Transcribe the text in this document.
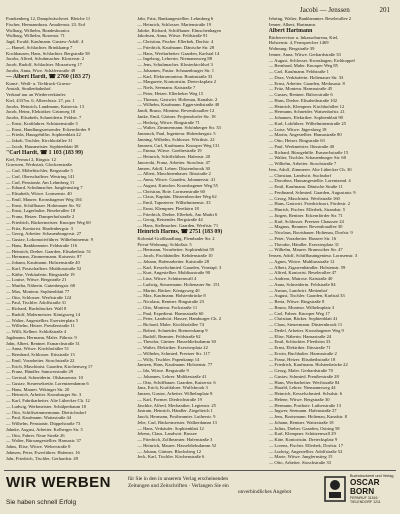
Jacobi — Jenssen	201
Frankenberg 12, Dampfwäscherei. Bleiche 11
Fischer, Hermannbrau. Amalienstr. 23. Erd
Wulbarg, Wilhelm, Bundeskurator.
Wulbarg, Wilhelm, Rosenstr. 71
Jagd, Ewald, Kaufmann. Gustaw-Adolf. 4
— Hansel, Schlachter. Brinkkamp 7
Kochhausen, Hans, Schlachter. Bergstraße 58
Jacobs, Alfred, Schuhmacher. Klosterstr. 2
Jacob, Rudolf, Schlachter. Mozartweg 17
Jacobs, Anna, Wwe. Schäferstraße 48
— Albert Hardt, ☎ 2760 (183 27)
Kunst-, Weiß- u. Tiefdruck-Gravur-
Anstalt, Straßenbahnhof.
Verkauf nur an Wiederverkäufer.
Kiel, 4337m. 6, Albrechtstr. 27, ptr. 1
Jacobs, Heinrich, Landmann, Kaiserstr. 13
Jacob, Heinz, Elektriker. Grünweg 18
Jacobs, Elisabeth, Schneiderin. Feldstr. 7
— Ernst, Kraftfahrer. Schützenstraße 3
— Ernst, Handlungsreisender. Eckernförder 9
— Frieda, Hausgehilfin. Sophienblatt 22
— Jakob, Tischler, Kirchhofallee 31
— Jacob, Hausmeister. Sophienblatt 38
"Carl Hardt, ☎ 1 103 (183 99)
Kiel, Fernruf 2, Ringstr. 12
Gravuren, Werkstatt, Glockenstraße
— Carl, Möbeltischler, Bergstraße 5
— Carl, Oberschaffner. Westring 141
— Carl, Pensionär. Am Lehmberg 11
— Eduard, Schuhmacher. Jungfernstieg 7
— Elisabeth, Witwe. Lornsenstr. 40
— Emil, Maurer. Kronshagener Weg 104
— Ernst, Schiffbauer. Holtenauer Str. 92
— Ernst, Lagerhalter. Beselerallee 18
— Franz, Heizer. Damperhofstraße 2
— Friedrich, Bäckermeister. Knooper Weg 60
— Fritz, Kontorist. Hardenbergstr. 3
— Georg, Arbeiter. Schauenburgerstr. 27
— Gustav, Lokomotivführer. Wilhelminenstr. 9
— Hans, Bankbeamter. Feldstraße 116
— Heinrich, Dreher. Gaarden, Elisabethstr. 51
— Hermann, Zimmermann. Kaiserstr. 87
— Johann, Kaufmann. Holstenstraße 40
— Karl, Postschaffner. Muhliusstraße 52
— Käthe, Verkäuferin. Ringstraße 19
— Louise, Witwe. Bergstraße 21
— Martha, Näherin. Gutenbergstr. 68
— Max, Monteur. Sophienblatt 77
— Otto, Schlosser. Werftstraße 124
— Paul, Tischler. Adolfstraße 31
— Richard, Buchdrucker. Wall 8
— Rudolf, Malermeister. Königsweg 14
— Walter, Angestellter. Exerzierplatz 5
— Wilhelm, Heizer. Preußerstraße 11
— Willi, Kellner. Schloßstraße 4
Jagdmann, Hermann, Maler. Fährstr. 9
Jahn, Albert, Rentner. Esmarchstraße 31
— Anna, Witwe. Kirchhofallee 51
— Bernhard, Schlosser. Iltisstraße 13
— Emil, Vorarbeiter. Stoschstraße 22
— Erich, Maschinist. Gaarden, Kirchenweg 17
— Franz, Händler. Samwerstraße 29
— Gertrud, Schneiderin. Olshausenstr. 10
— Gustav, Steuersekretär. Lorentzendamm 6
— Hans, Maurer. Wikinger Str. 20
— Heinrich, Arbeiter. Kronsburger Str. 3
— Karl, Fabrikarbeiter. Alte Lübecker Ch. 12
— Ludwig, Werkmeister. Schülperbaum 18
— Otto, Schiffszimmermann. Dietrichsdorf
— Paul, Kaufmann. Waitzstraße 44
— Wilhelm, Pensionär. Düppelstraße 73
Jahnke, August, Arbeiter. Kolberger Str. 5
— Otto, Fahrer. Neue Straße 26
— Walter, Büroangestellter. Hansastr. 37
Jahns, Elise, Witwe. Weberstraße 8
Jahnsen, Peter, Ewerführer. Hafenstr. 16
Jahr, Friedrich, Tischler. Gerhardstr. 49
Jahr, Fritz, Bankangestellter. Lehmberg 6
— Heinrich, Schlosser. Marienstraße 19
Jahrke, Richard, Schiffbauer. Elmschenhagen
Jakobsen, Anna, Witwe. Feldstraße 91
— Christian, Fischer. Ellerbek, Dorfstr. 4
— Friedrich, Kaufmann. Dänische Str. 28
— Hans, Werftarbeiter. Gaarden, Karlstal 14
— Ingeborg, Lehrerin. Niemannsweg 88
— Jens, Schuhmacher. Klosterkirchhof 3
— Johannes, Pastor. Schauenburger Str. 1
— Karl, Elektromonteur. Boninstraße 33
— Margarete, Kontoristin. Dreiecksplatz 2
— Niels, Seemann. Kaistraße 7
— Peter, Heizer. Ellerbeker Weg 15
— Thomas, Gastwirt. Holtenau, Kanalstr. 2
— Wilhelm, Kaufmann. Eggerstedtstraße 40
Jandt, Bruno, Monteur. Reventlouallee 12
Janke, Emil, Gärtner. Projensdorfer Str. 18
— Hedwig, Witwe. Ringstraße 71
— Walter, Zimmermann. Schönberger Str. 33
Jannasch, Paul, Ingenieur. Hohenbergstr. 5
Janning, Wilhelm, Schlosser. Wörthstr. 22
Jannsen, Carl, Kaufmann. Knooper Weg 131
— Emma, Witwe. Goethestraße 19
— Heinrich, Schiffsführer. Hafenstr. 20
Janowski, Franz, Arbeiter. Stoschstr. 47
Jansen, Adolf, Lehrer. Düsternbrook 30
— Albert, Maschinenbauer. Iltisstraße 2
— Anna, Witwe. Gaarden, Johannesstr. 41
— August, Kutscher. Kronshagener Weg 55
— Christian, Bote. Lornsenstraße 60
— Claus, Kapitän. Düsternbrooker Weg 62
— Emil, Tapezierer. Wilhelminenstr. 33
— Ernst, Klempner. Fleethörn 18
— Friedrich, Dreher. Ellerbek, Am Markt 6
— Georg, Reisender. Bergstraße 44
— Hans, Stellmacher. Gaarden, Werftstr. 71
Heinrich Harms, ☎ 2751 (183 09)
Kolonial-Großhandlung, Flemhuder Str. 2
Privat-Wohnung: Schloßstr. 5
— Hermann, Vorarbeiter. Sophienblatt 59
— Jacob, Fischhändler. Kehdenstraße 10
— Johann, Hafenarbeiter. Kaistraße 28
— Karl, Kesselschmied. Gaarden, Vinetapl. 3
— Kurt, Angestellter. Muhliusstraße 90
— Lina, Witwe. Schützenwall 4
— Ludwig, Steuermann. Holtenauer Str. 151
— Martin, Bäcker. Königsweg 40
— Max, Kaufmann. Holstenbrücke 8
— Nicolaus, Rentner. Ringstraße 23
— Otto, Monteur. Fockstraße 11
— Paul, Expedient. Harmsstraße 60
— Peter, Landwirt. Hassee, Hamburger Ch. 2
— Richard, Maler. Kirchhofallee 74
— Robert, Schneider. Bremerskamp 9
— Rudolf, Beamter. Feldstraße 62
— Theodor, Gärtner. Hasseldieksdamm 30
— Walter, Elektriker. Exerzierplatz 22
— Wilhelm, Schmied. Preetzer Str. 117
— Willy, Tischler. Papenkamp 14
Jantzen, Hans, Kaufmann. Holstenstr. 77
— Ida, Witwe. Bergstraße 9
— Johannes, Lehrer. Moltkestraße 41
— Otto, Schiffbauer. Gaarden, Kaiserstr. 6
Janz, Erich, Kraftfahrer. Wulfsbrook 3
Janzen, Gustav, Arbeiter. Wilhelmplatz 8
— Karl, Former. Diedrichstraße 19
Jaschke, Alfred, Mechaniker. Legienstr. 25
Jastram, Heinrich, Händler. Ziegelteich 1
Jauch, Hermann, Postbeamter. Lutherstr. 9
Jebe, Carl, Bäckermeister. Walkerdamm 13
— Hans, Verkäufer. Sophienblatt 12
Jebens, Claus, Landwirt. Russee
— Friedrich, Zollbeamter. Hafenstraße 3
— Heinrich, Maurer. Hasseldieksdamm 52
— Johann, Gärtner. Blocksberg 12
Jeck, Karl, Tischler. Kirchenstraße 6
Jehring, Walter, Bankbeamter. Beselerallee 2
Jenner, Albert, Hartmann.
Albert Hartmann
Bücherrevisor u. Inkassobureau, Kiel,
Holstenstr. 4, Fernsprecher 1469
Wohnung: Bergstraße 39
Jenner, Anna, Witwe. Gerhardstraße 33
— August, Schlosser. Kronshagen, Eichkoppel
— Bernhard, Maler. Knooper Weg 85
— Carl, Kaufmann. Feldstraße 1
— Dora, Verkäuferin. Holtenauer Str. 33
— Ernst, Arbeiter. Gaarden, Medusastr. 8
— Fritz, Monteur. Harmsstraße 45
— Gustav, Rentner. Bülowstraße 6
— Hans, Dreher. Elisabethstraße 102
— Heinrich, Klempner. Kirchhofallee 12
— Hermann, Schneider. Waisenhofstr. 21
— Johannes, Elektriker. Sophienblatt 90
— Karl, Lokführer. Wilhelminenstraße 25
— Luise, Witwe. Jägersberg 18
— Martin, Angestellter. Hansastraße 80
— Otto, Heizer. Ringstraße 63
— Paul, Werkmeister. Iltisstraße 40
— Richard, Bürogehilfe. Esmarchstraße 15
— Walter, Tischler. Schauenburger Str. 60
— Wilhelm, Arbeiter. Stoschstraße 7
Jens, Adolf, Zimmerer. Alte Lübecker Ch. 30
— Christian, Landwirt. Suchsdorf
— Dorothea, Hausangestellte. Lorentzend. 4
— Emil, Kaufmann. Dänische Straße 11
— Ferdinand, Schmied. Gaarden, Augustastr. 9
— Georg, Maschinist. Werftstraße 160
— Hans, Gastwirt. Friedrichsort, Fördestr. 2
— Hinrich, Fischer. Ellerbek, Strandstr. 5
— Jürgen, Rentner. Eckernförder Str. 71
— Karl, Schlosser. Preetzer Chaussee 24
— Magnus, Beamter. Reventlouallee 30
— Nicolaus, Bootsbauer. Holtenau, Dorfstr. 9
— Peter, Vorarbeiter. Hasseer Str. 16
— Theodor, Händler. Exerzierplatz 31
— Wilhelm, Maurer. Brunswiker Str. 47
Jensen, Adolf, Schiffbauingenieur. Lornsenstr. 3
— Agnes, Witwe. Muhliusstraße 12
— Albert, Zigarrenhändler. Holstenstr. 59
— Alfred, Kontorist. Beselerallee 47
— Andreas, Matrose. Kaistraße 40
— Anna, Schneiderin. Feldstraße 84
— Asmus, Landwirt. Mettenhof
— August, Tischler. Gaarden, Karlstal 33
— Berta, Witwe. Ringstraße 8
— Bruno, Monteur. Wilhelmplatz 3
— Carl, Fahrer. Knooper Weg 17
— Christian, Bäcker. Sophienblatt 41
— Claus, Steuermann. Düsternbrook 11
— Detlef, Arbeiter. Kronshagener Weg 9
— Elise, Näherin. Hansastraße 24
— Emil, Schlachter. Fleethörn 33
— Ernst, Elektriker. Iltisstraße 71
— Erwin, Buchhalter. Harmsstraße 2
— Franz, Heizer. Elisabethstraße 18
— Friedrich, Kaufmann. Holstenbrücke 22
— Georg, Maler. Gerhardstraße 70
— Gustav, Schmied. Preußerstraße 28
— Hans, Werftarbeiter. Werftstraße 84
— Harald, Lehrer. Niemannsweg 44
— Heinrich, Kesselschmied. Schulstr. 6
— Helene, Witwe. Bergstraße 30
— Hermann, Postbote. Lutherstraße 13
— Ingwer, Seemann. Hafenstraße 27
— Jens, Bootsmann. Holtenau, Kanalstr. 8
— Johann, Rentner. Waitzstraße 18
— Julius, Dreher. Gaarden, Ostring 58
— Karl, Klempner. Schützenwall 29
— Käte, Kontoristin. Dreiecksplatz 9
— Lorenz, Fischer. Ellerbek, Dorfstr. 17
— Ludwig, Angestellter. Adolfstraße 52
— Marie, Witwe. Jungfernstieg 15
— Otto, Arbeiter. Stoschstraße 33
WIR WERBEN
Sie haben schnell Erfolg
für Sie in den in unserem Verlag erscheinenden
Zeitungen und Zeitschriften · Verlangen Sie ein
unverbindliches Angebot
Buchdruckerei und Verlag
OSCAR BORN
FERNRUF 31516 · TIELENDORF 1211
